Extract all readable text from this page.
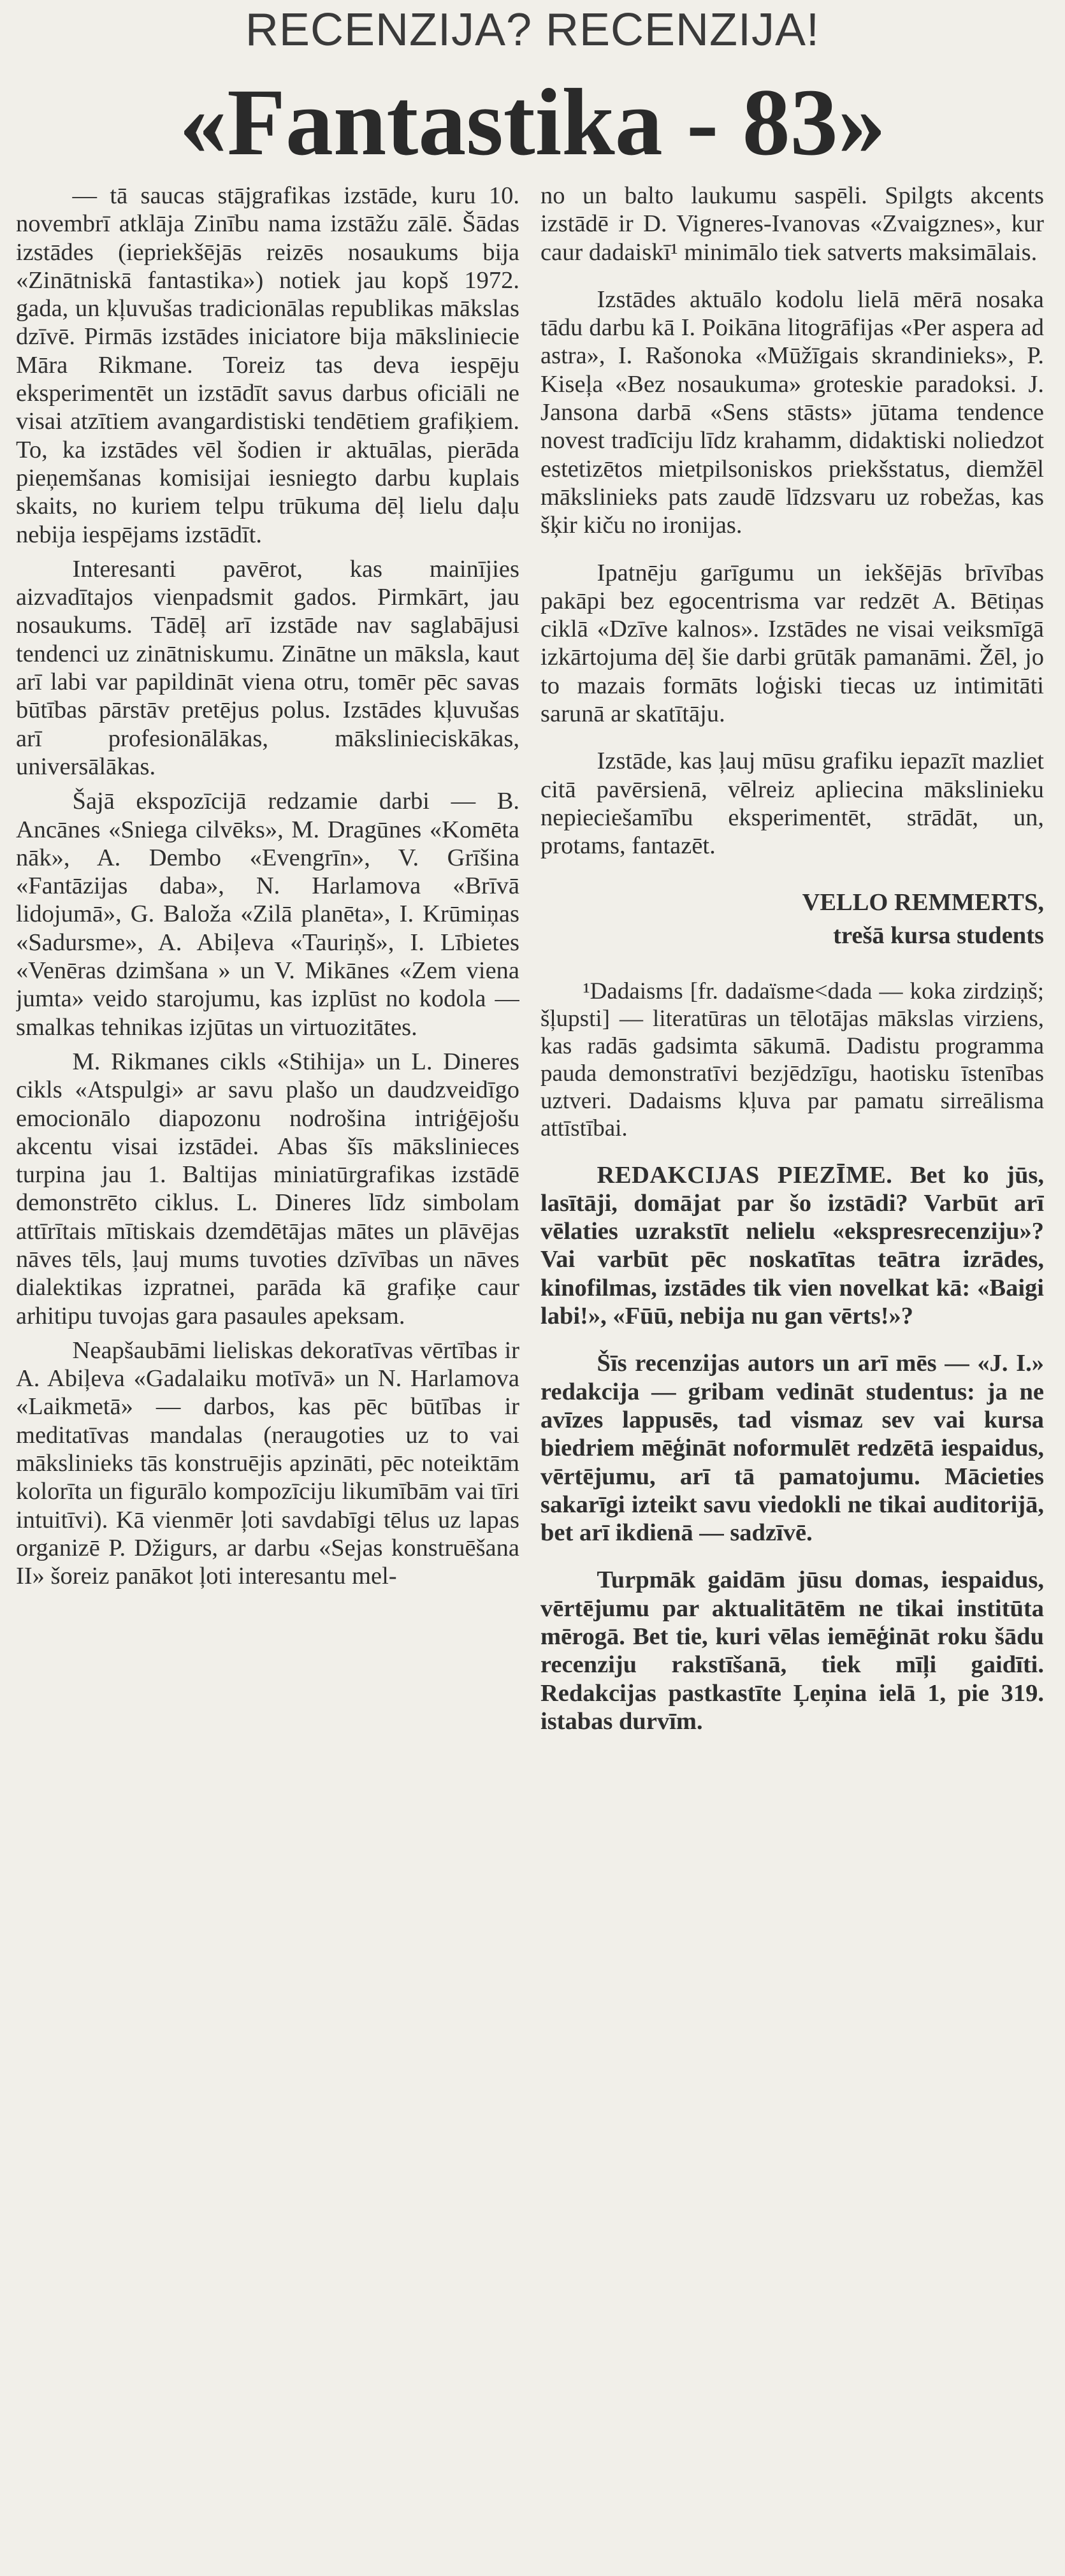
RECENZIJA? RECENZIJA!
«Fantastika - 83»

— tā saucas stājgrafikas izstāde, kuru 10. novembrī atklāja Zinību nama izstāžu zālē. Šādas izstādes (iepriekšējās reizēs nosaukums bija «Zinātniskā fantastika») notiek jau kopš 1972. gada, un kļuvušas tradicionālas republikas mākslas dzīvē. Pirmās izstādes iniciatore bija mākslinieciе Māra Rikmane. Toreiz tas deva iespēju eksperimentēt un izstādīt savus darbus oficiāli ne visai atzītiem avangardistiski tendētiem grafiķiem. To, ka izstādes vēl šodien ir aktuālas, pierāda pieņemšanas komisijai iesniegto darbu kuplais skaits, no kuriem telpu trūkuma dēļ lielu daļu nebija iespējams izstādīt.

Interesanti pavērot, kas mainījies aizvadītajos vienpadsmit gados. Pirmkārt, jau nosaukums. Tādēļ arī izstāde nav saglabājusi tendenci uz zinātniskumu. Zinātne un māksla, kaut arī labi var papildināt viena otru, tomēr pēc savas būtības pārstāv pretējus polus. Izstādes kļuvušas arī profesionālākas, mākslinieciskākas, universālākas.

Šajā ekspozīcijā redzamie darbi — B. Ancānes «Sniega cilvēks», M. Dragūnes «Komēta nāk», A. Dembo «Evengrīn», V. Grīšina «Fantāzijas daba», N. Harlamova «Brīvā lidojumā», G. Baloža «Zilā planēta», I. Krūmiņas «Sadursme», A. Abiļeva «Tauriņš», I. Lībietes «Venēras dzimšana » un V. Mikānes «Zem viena jumta» veido starojumu, kas izplūst no kodola — smalkas tehnikas izjūtas un virtuozitātes.

M. Rikmanes cikls «Stihija» un L. Dineres cikls «Atspulgi» ar savu plašo un daudzveidīgo emocionālo diapozonu nodrošina intriģējošu akcentu visai izstādei. Abas šīs mākslinieces turpina jau 1. Baltijas miniatūrgrafikas izstādē demonstrēto ciklus. L. Dineres līdz simbolam attīrītais mītiskais dzemdētājas mātes un plāvējas nāves tēls, ļauj mums tuvoties dzīvības un nāves dialektikas izpratnei, parāda kā grafiķe caur arhitipu tuvojas gara pasaules apeksam.

Neapšaubāmi lieliskas dekoratīvas vērtības ir A. Abiļeva «Gadalaiku motīvā» un N. Harlamova «Laikmetā» — darbos, kas pēc būtības ir meditatīvas mandalas (neraugoties uz to vai mākslinieks tās konstruējis apzināti, pēc noteiktām kolorīta un figurālo kompozīciju likumībām vai tīri intuitīvi). Kā vienmēr ļoti savdabīgi tēlus uz lapas organizē P. Džigurs, ar darbu «Sejas konstruēšana II» šoreiz panākot ļoti interesantu mel-

no un balto laukumu saspēli. Spilgts akcents izstādē ir D. Vigneres-Ivanovas «Zvaigznes», kur caur dadaiskī¹ minimālo tiek satverts maksimālais.

Izstādes aktuālo kodolu lielā mērā nosaka tādu darbu kā I. Poikāna litogrāfijas «Per aspera ad astra», I. Rašonoka «Mūžīgais skrandinieks», P. Kiseļa «Bez nosaukuma» groteskie paradoksi. J. Jansona darbā «Sens stāsts» jūtama tendence novest tradīciju līdz krahamm, didaktiski noliedzot estetizētos mietpilsoniskos priekšstatus, diemžēl mākslinieks pats zaudē līdzsvaru uz robežas, kas šķir kiču no ironijas.

Ipatnēju garīgumu un iekšējās brīvības pakāpi bez egocentrisma var redzēt A. Bētiņas ciklā «Dzīve kalnos». Izstādes ne visai veiksmīgā izkārtojuma dēļ šie darbi grūtāk pamanāmi. Žēl, jo to mazais formāts loģiski tiecas uz intimitāti sarunā ar skatītāju.

Izstāde, kas ļauj mūsu grafiku iepazīt mazliet citā pavērsienā, vēlreiz apliecina mākslinieku nepieciešamību eksperimentēt, strādāt, un, protams, fantazēt.

VELLO REMMERTS,
trešā kursa students

¹Dadaisms [fr. dadaïsme<dada — koka zirdziņš; šļupsti] — literatūras un tēlotājas mākslas virziens, kas radās gadsimta sākumā. Dadistu programma pauda demonstratīvi bezjēdzīgu, haotisku īstenības uztveri. Dadaisms kļuva par pamatu sirreālisma attīstībai.

REDAKCIJAS PIEZĪME. Bet ko jūs, lasītāji, domājat par šo izstādi? Varbūt arī vēlaties uzrakstīt nelielu «ekspresrecenziju»? Vai varbūt pēc noskatītas teātra izrādes, kinofilmas, izstādes tik vien novelkat kā: «Baigi labi!», «Fūū, nebija nu gan vērts!»?

Šīs recenzijas autors un arī mēs — «J. I.» redakcija — gribam vedināt studentus: ja ne avīzes lappusēs, tad vismaz sev vai kursa biedriem mēģināt noformulēt redzētā iespaidus, vērtējumu, arī tā pamatojumu. Mācieties sakarīgi izteikt savu viedokli ne tikai auditorijā, bet arī ikdienā — sadzīvē.

Turpmāk gaidām jūsu domas, iespaidus, vērtējumu par aktualitātēm ne tikai institūta mērogā. Bet tie, kuri vēlas iemēģināt roku šādu recenziju rakstīšanā, tiek mīļi gaidīti. Redakcijas pastkastīte Ļeņina ielā 1, pie 319. istabas durvīm.
